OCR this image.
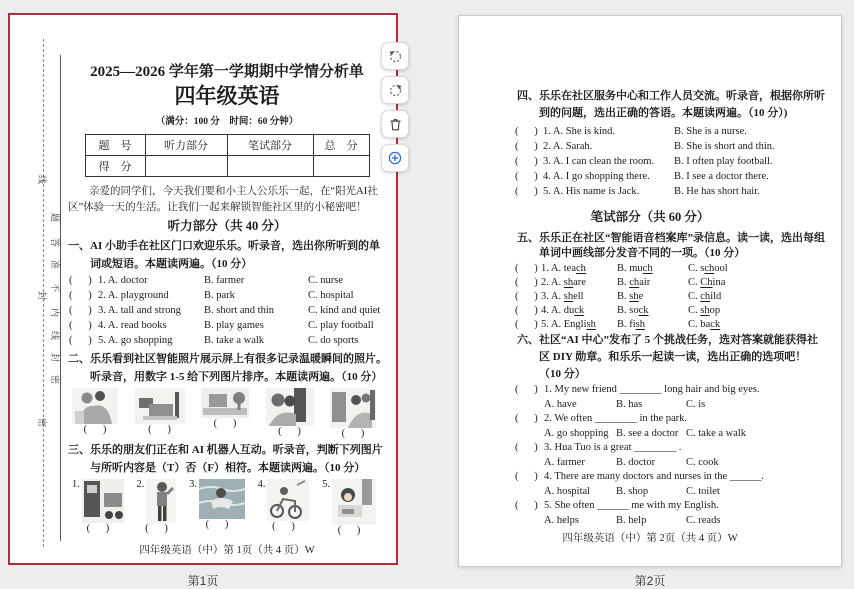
线
封
密
题
答
准
不
内
线
封
密
2025—2026 学年第一学期期中学情分析单
四年级英语
（满分：100 分　时间：60 分钟）
题　号	听力部分	笔试部分	总　分
得　分			

亲爱的同学们，今天我们要和小主人公乐乐一起，在“阳光AI社区”体验一天的生活。让我们一起来解锁智能社区里的小秘密吧！

听力部分（共 40 分）

一、AI 小助手在社区门口欢迎乐乐。听录音，选出你所听到的单词或短语。本题读两遍。（10 分）

(  ) 1. A. doctor	B. farmer	C. nurse
(  ) 2. A. playground	B. park	C. hospital
(  ) 3. A. tall and strong	B. short and thin	C. kind and quiet
(  ) 4. A. read books	B. play games	C. play football
(  ) 5. A. go shopping	B. take a walk	C. do sports

二、乐乐看到社区智能照片展示屏上有很多记录温暖瞬间的照片。听录音，用数字 1-5 给下列图片排序。本题读两遍。（10 分）

(  )	(  )
(  )
(  )	(  )

三、乐乐的朋友们正在和 AI 机器人互动。听录音，判断下列图片与所听内容是（T）否（F）相符。本题读两遍。（10 分）

1.
(  )
2.
(  )
3.
(  )
4.
(  )
5.
(  )
四年级英语（中）第 1页（共 4 页）W

四、乐乐在社区服务中心和工作人员交流。听录音，根据你所听到的问题，选出正确的答语。本题读两遍。（10 分）)

(  ) 1. A. She is kind.	B. She is a nurse.
(  ) 2. A. Sarah.	B. She is short and thin.
(  ) 3. A. I can clean the room.	B. I often play football.
(  ) 4. A. I go shopping there.	B. I see a doctor there.
(  ) 5. A. His name is Jack.	B. He has short hair.
笔试部分（共 60 分）

五、乐乐正在社区“智能语音档案库”录信息。读一读，选出每组单词中画线部分发音不同的一项。（10 分）

(  ) 1. A. teach	B. much	C. school
(  ) 2. A. share	B. chair	C. China
(  ) 3. A. shell	B. she	C. child
(  ) 4. A. duck	B. sock	C. shop
(  ) 5. A. English	B. fish	C. back

六、社区“AI 中心”发布了 5 个挑战任务，选对答案就能获得社区 DIY 勋章。和乐乐一起读一读，选出正确的选项吧！（10 分）

(  ) 1. My new friend ________ long hair and big eyes.
A. have	B. has	C. is
(  ) 2. We often ________ in the park.
A. go shopping B. see a doctor C. take a walk
(  ) 3. Hua Tuo is a great ________ .
A. farmer	B. doctor	C. cook
(  ) 4. There are many doctors and nurses in the ______.
A. hospital	B. shop	C. toilet
(  ) 5. She often ______ me with my English.
A. helps	B. help	C. reads
四年级英语（中）第 2页（共 4 页）W
第1页	第2页
